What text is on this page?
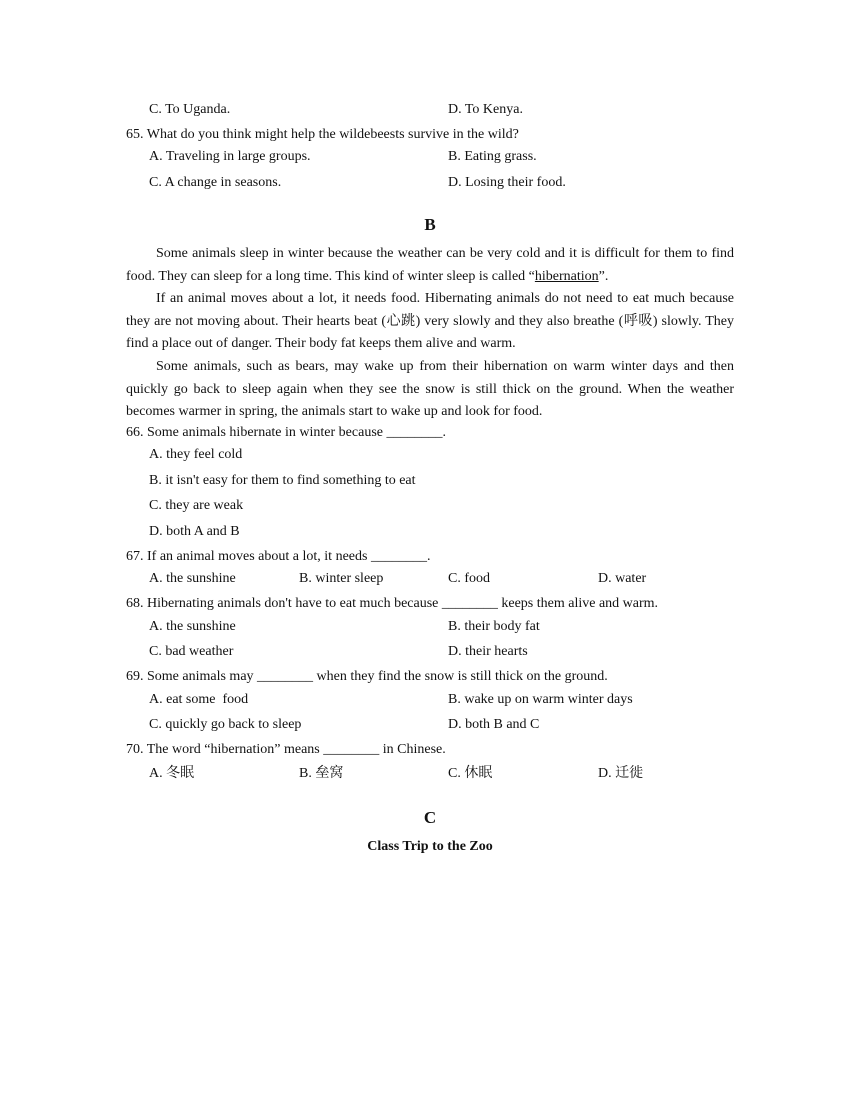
C. To Uganda.	D. To Kenya.
65. What do you think might help the wildebeests survive in the wild?
A. Traveling in large groups.	B. Eating grass.
C. A change in seasons.	D. Losing their food.
B
Some animals sleep in winter because the weather can be very cold and it is difficult for them to find food. They can sleep for a long time. This kind of winter sleep is called “hibernation”.
If an animal moves about a lot, it needs food. Hibernating animals do not need to eat much because they are not moving about. Their hearts beat (心跳) very slowly and they also breathe (呼吸) slowly. They find a place out of danger. Their body fat keeps them alive and warm.
Some animals, such as bears, may wake up from their hibernation on warm winter days and then quickly go back to sleep again when they see the snow is still thick on the ground. When the weather becomes warmer in spring, the animals start to wake up and look for food.
66. Some animals hibernate in winter because ________.
A. they feel cold
B. it isn't easy for them to find something to eat
C. they are weak
D. both A and B
67. If an animal moves about a lot, it needs ________.
A. the sunshine	B. winter sleep	C. food	D. water
68. Hibernating animals don't have to eat much because ________ keeps them alive and warm.
A. the sunshine	B. their body fat
C. bad weather	D. their hearts
69. Some animals may ________ when they find the snow is still thick on the ground.
A. eat some  food	B. wake up on warm winter days
C. quickly go back to sleep	D. both B and C
70. The word “hibernation” means ________ in Chinese.
A. 冬眠	B. 垒窝	C. 休眠	D. 迁徙
C
Class Trip to the Zoo
